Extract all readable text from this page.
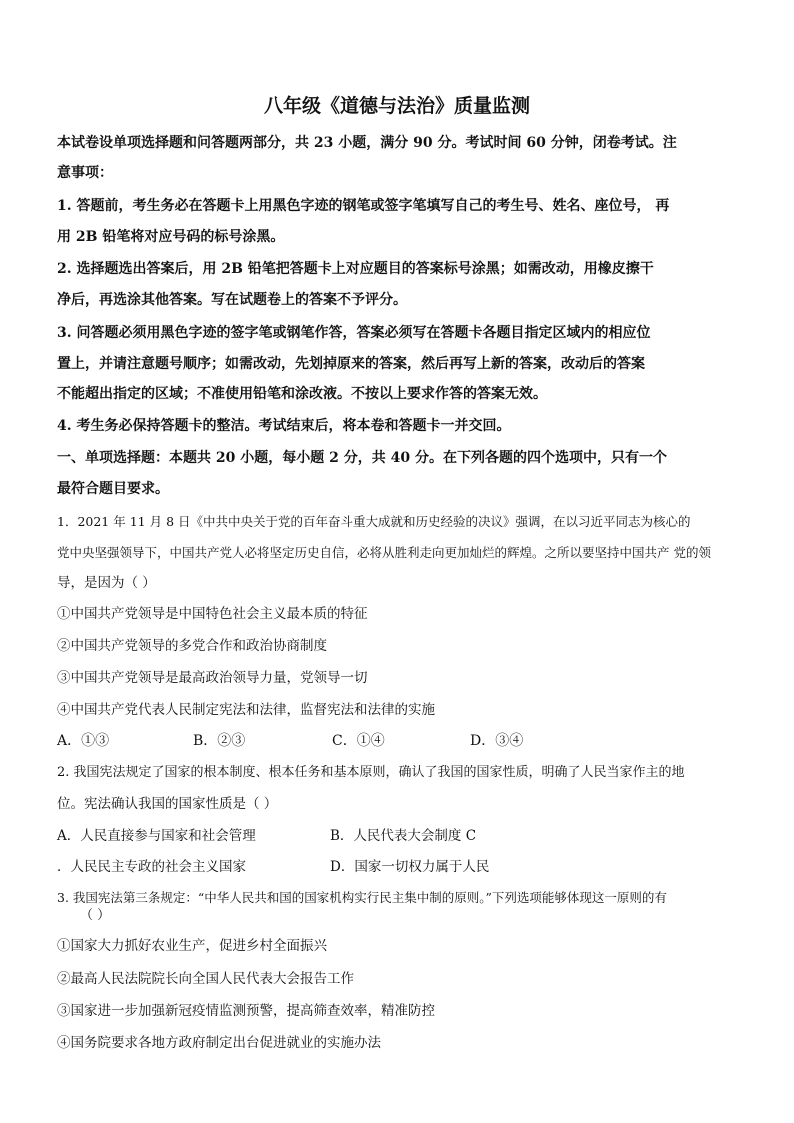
八年级《道德与法治》质量监测
本试卷设单项选择题和问答题两部分，共 23 小题，满分 90 分。考试时间 60 分钟，闭卷考试。注
意事项：
1. 答题前，考生务必在答题卡上用黑色字迹的钢笔或签字笔填写自己的考生号、姓名、座位号， 再
用 2B 铅笔将对应号码的标号涂黑。
2. 选择题选出答案后，用 2B 铅笔把答题卡上对应题目的答案标号涂黑；如需改动，用橡皮擦干
净后，再选涂其他答案。写在试题卷上的答案不予评分。
3. 问答题必须用黑色字迹的签字笔或钢笔作答，答案必须写在答题卡各题目指定区域内的相应位
置上，并请注意题号顺序；如需改动，先划掉原来的答案，然后再写上新的答案，改动后的答案
不能超出指定的区域；不准使用铅笔和涂改液。不按以上要求作答的答案无效。
4. 考生务必保持答题卡的整洁。考试结束后，将本卷和答题卡一并交回。
一、单项选择题：本题共 20 小题，每小题 2 分，共 40 分。在下列各题的四个选项中，只有一个
最符合题目要求。
1．2021 年 11 月 8 日《中共中央关于党的百年奋斗重大成就和历史经验的决议》强调，在以习近平同志为核心的
党中央坚强领导下，中国共产党人必将坚定历史自信，必将从胜利走向更加灿烂的辉煌。之所以要坚持中国共产 党的领
导，是因为（ ）
①中国共产党领导是中国特色社会主义最本质的特征
②中国共产党领导的多党合作和政治协商制度
③中国共产党领导是最高政治领导力量，党领导一切
④中国共产党代表人民制定宪法和法律，监督宪法和法律的实施
A．①③	B．②③	C．①④	D．③④
2. 我国宪法规定了国家的根本制度、根本任务和基本原则，确认了我国的国家性质，明确了人民当家作主的地
位。宪法确认我国的国家性质是（ ）
A．人民直接参与国家和社会管理	B．人民代表大会制度 C
．人民民主专政的社会主义国家	D．国家一切权力属于人民
3. 我国宪法第三条规定：“中华人民共和国的国家机构实行民主集中制的原则。”下列选项能够体现这一原则的有
（ ）
①国家大力抓好农业生产，促进乡村全面振兴
②最高人民法院院长向全国人民代表大会报告工作
③国家进一步加强新冠疫情监测预警，提高筛查效率，精准防控
④国务院要求各地方政府制定出台促进就业的实施办法
